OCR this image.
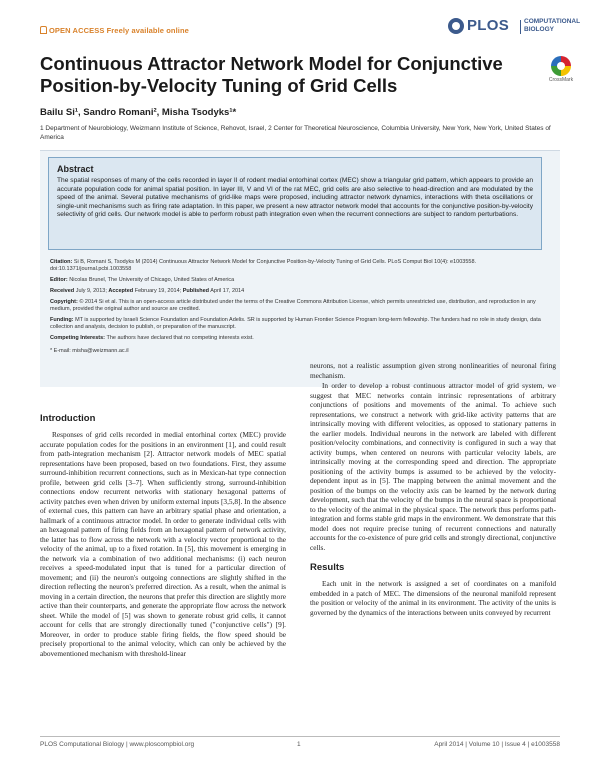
OPEN ACCESS Freely available online	PLOS COMPUTATIONAL
BIOLOGY
Continuous Attractor Network Model for Conjunctive Position-by-Velocity Tuning of Grid Cells	CrossMark
Bailu Si¹, Sandro Romani², Misha Tsodyks¹*
1 Department of Neurobiology, Weizmann Institute of Science, Rehovot, Israel, 2 Center for Theoretical Neuroscience, Columbia University, New York, New York, United States of America
Abstract
The spatial responses of many of the cells recorded in layer II of rodent medial entorhinal cortex (MEC) show a triangular grid pattern, which appears to provide an accurate population code for animal spatial position. In layer III, V and VI of the rat MEC, grid cells are also selective to head-direction and are modulated by the speed of the animal. Several putative mechanisms of grid-like maps were proposed, including attractor network dynamics, interactions with theta oscillations or single-unit mechanisms such as firing rate adaptation. In this paper, we present a new attractor network model that accounts for the conjunctive position-by-velocity selectivity of grid cells. Our network model is able to perform robust path integration even when the recurrent connections are subject to random perturbations.
Citation: Si B, Romani S, Tsodyks M (2014) Continuous Attractor Network Model for Conjunctive Position-by-Velocity Tuning of Grid Cells. PLoS Comput Biol 10(4): e1003558. doi:10.1371/journal.pcbi.1003558
Editor: Nicolas Brunel, The University of Chicago, United States of America
Received July 9, 2013; Accepted February 19, 2014; Published April 17, 2014
Copyright: © 2014 Si et al. This is an open-access article distributed under the terms of the Creative Commons Attribution License, which permits unrestricted use, distribution, and reproduction in any medium, provided the original author and source are credited.
Funding: MT is supported by Israeli Science Foundation and Foundation Adelis. SR is supported by Human Frontier Science Program long-term fellowship. The funders had no role in study design, data collection and analysis, decision to publish, or preparation of the manuscript.
Competing Interests: The authors have declared that no competing interests exist.
* E-mail: misha@weizmann.ac.il
Introduction

Responses of grid cells recorded in medial entorhinal cortex (MEC) provide accurate population codes for the positions in an environment [1], and could result from path-integration mechanism [2]. Attractor network models of MEC spatial representations have been proposed, based on two foundations. First, they assume surround-inhibition recurrent connections, such as in Mexican-hat type connection profile, between grid cells [3–7]. When sufficiently strong, surround-inhibition connections endow recurrent networks with stationary hexagonal patterns of activity patches even when driven by uniform external inputs [3,5,8]. In the absence of external cues, this pattern can have an arbitrary spatial phase and orientation, a hallmark of a continuous attractor model. In order to generate individual cells with an hexagonal pattern of firing fields from an hexagonal pattern of network activity, the latter has to flow across the network with a velocity vector proportional to the velocity of the animal, up to a fixed rotation. In [5], this movement is emerging in the network via a combination of two additional mechanisms: (i) each neuron receives a speed-modulated input that is tuned for a particular direction of movement; and (ii) the neuron's outgoing connections are slightly shifted in the direction reflecting the neuron's preferred direction. As a result, when the animal is moving in a certain direction, the neurons that prefer this direction are slightly more active than their counterparts, and generate the appropriate flow across the network sheet. While the model of [5] was shown to generate robust grid cells, it cannot account for cells that are strongly directionally tuned ("conjunctive cells") [9]. Moreover, in order to produce stable firing fields, the flow speed should be precisely proportional to the animal velocity, which can only be achieved by the abovementioned mechanism with threshold-linear

neurons, not a realistic assumption given strong nonlinearities of neuronal firing mechanism.

In order to develop a robust continuous attractor model of grid system, we suggest that MEC networks contain intrinsic representations of arbitrary conjunctions of positions and movements of the animal. To achieve such representations, we construct a network with grid-like activity patterns that are intrinsically moving with different velocities, as opposed to stationary patterns in the earlier models. Individual neurons in the network are labeled with different position/velocity combinations, and connectivity is configured in such a way that activity bumps, when centered on neurons with particular velocity labels, are intrinsically moving at the corresponding speed and direction. The appropriate positioning of the activity bumps is assumed to be achieved by the velocity-dependent input as in [5]. The mapping between the animal movement and the position of the bumps on the velocity axis can be learned by the network during development, such that the velocity of the bumps in the neural space is proportional to the velocity of the animal in the physical space. The network thus performs path-integration and forms stable grid maps in the environment. We demonstrate that this model does not require precise tuning of recurrent connections and naturally accounts for the co-existence of pure grid cells and strongly directional, conjunctive cells.

Results

Each unit in the network is assigned a set of coordinates on a manifold embedded in a patch of MEC. The dimensions of the neuronal manifold represent the position or velocity of the animal in its environment. The activity of the units is governed by the dynamics of the interactions between units conveyed by recurrent

PLOS Computational Biology | www.ploscompbiol.org	1	April 2014 | Volume 10 | Issue 4 | e1003558
